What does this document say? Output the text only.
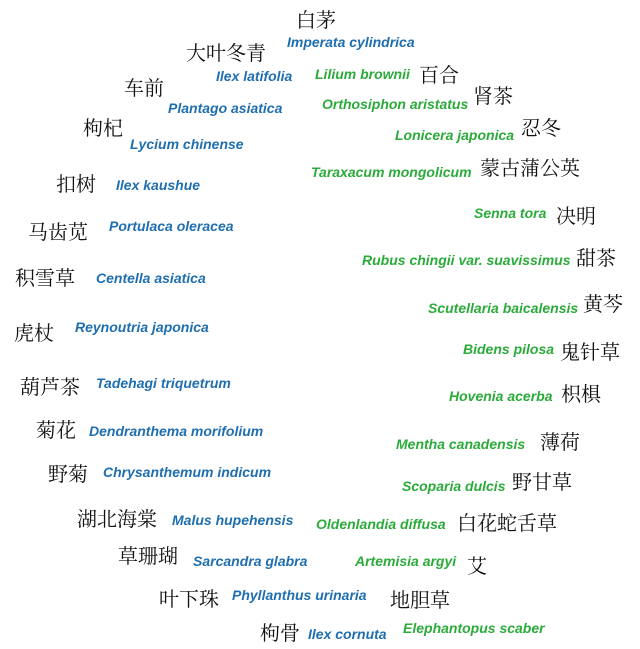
白茅
Imperata cylindrica
大叶冬青
Ilex latifolia
车前
Plantago asiatica
枸杞
Lycium chinense
扣树 Ilex kaushue
马齿苋 Portulaca oleracea
积雪草 Centella asiatica
虎杖 Reynoutria japonica
葫芦茶 Tadehagi triquetrum
菊花 Dendranthema morifolium
野菊 Chrysanthemum indicum
湖北海棠 Malus hupehensis
草珊瑚 Sarcandra glabra
叶下珠 Phyllanthus urinaria
枸骨 Ilex cornuta
Lilium brownii 百合
Orthosiphon aristatus 肾茶
Lonicera japonica 忍冬
Taraxacum mongolicum 蒙古蒲公英
Senna tora 决明
Rubus chingii var. suavissimus 甜茶
Scutellaria baicalensis 黄芩
Bidens pilosa 鬼针草
Hovenia acerba 枳椇
Mentha canadensis 薄荷
Scoparia dulcis 野甘草
Oldenlandia diffusa 白花蛇舌草
Artemisia argyi 艾
Elephantopus scaber
地胆草
